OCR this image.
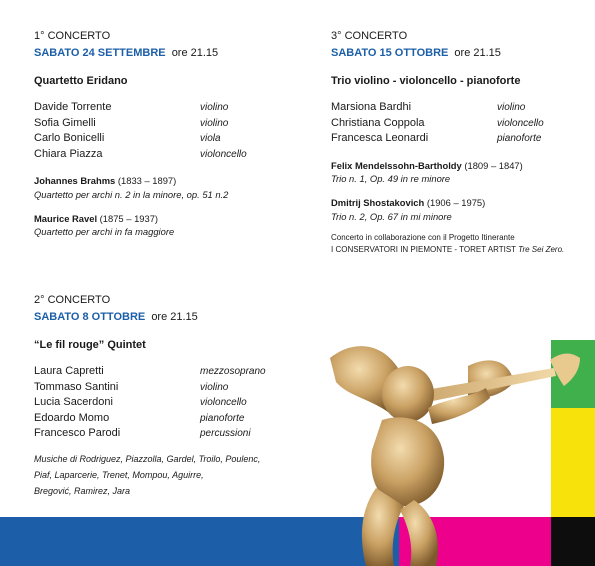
1° CONCERTO
SABATO 24 SETTEMBRE ore 21.15
Quartetto Eridano
Davide Torrente	violino
Sofia Gimelli	violino
Carlo Bonicelli	viola
Chiara Piazza	violoncello
Johannes Brahms (1833 – 1897)
Quartetto per archi n. 2 in la minore, op. 51 n.2
Maurice Ravel (1875 – 1937)
Quartetto per archi in fa maggiore
2° CONCERTO
SABATO 8 OTTOBRE ore 21.15
“Le fil rouge” Quintet
Laura Capretti	mezzosoprano
Tommaso Santini	violino
Lucia Sacerdoni	violoncello
Edoardo Momo	pianoforte
Francesco Parodi	percussioni
Musiche di Rodriguez, Piazzolla, Gardel, Troilo, Poulenc,
Piaf, Laparcerie, Trenet, Mompou, Aguirre,
Bregović, Ramirez, Jara
3° CONCERTO
SABATO 15 OTTOBRE ore 21.15
Trio violino - violoncello - pianoforte
Marsiona Bardhi	violino
Christiana Coppola	violoncello
Francesca Leonardi	pianoforte
Felix Mendelssohn-Bartholdy (1809 – 1847)
Trio n. 1, Op. 49 in re minore
Dmitrij Shostakovich (1906 – 1975)
Trio n. 2, Op. 67 in mi minore
Concerto in collaborazione con il Progetto Itinerante
I CONSERVATORI IN PIEMONTE - TORET ARTIST Tre Sei Zero.
